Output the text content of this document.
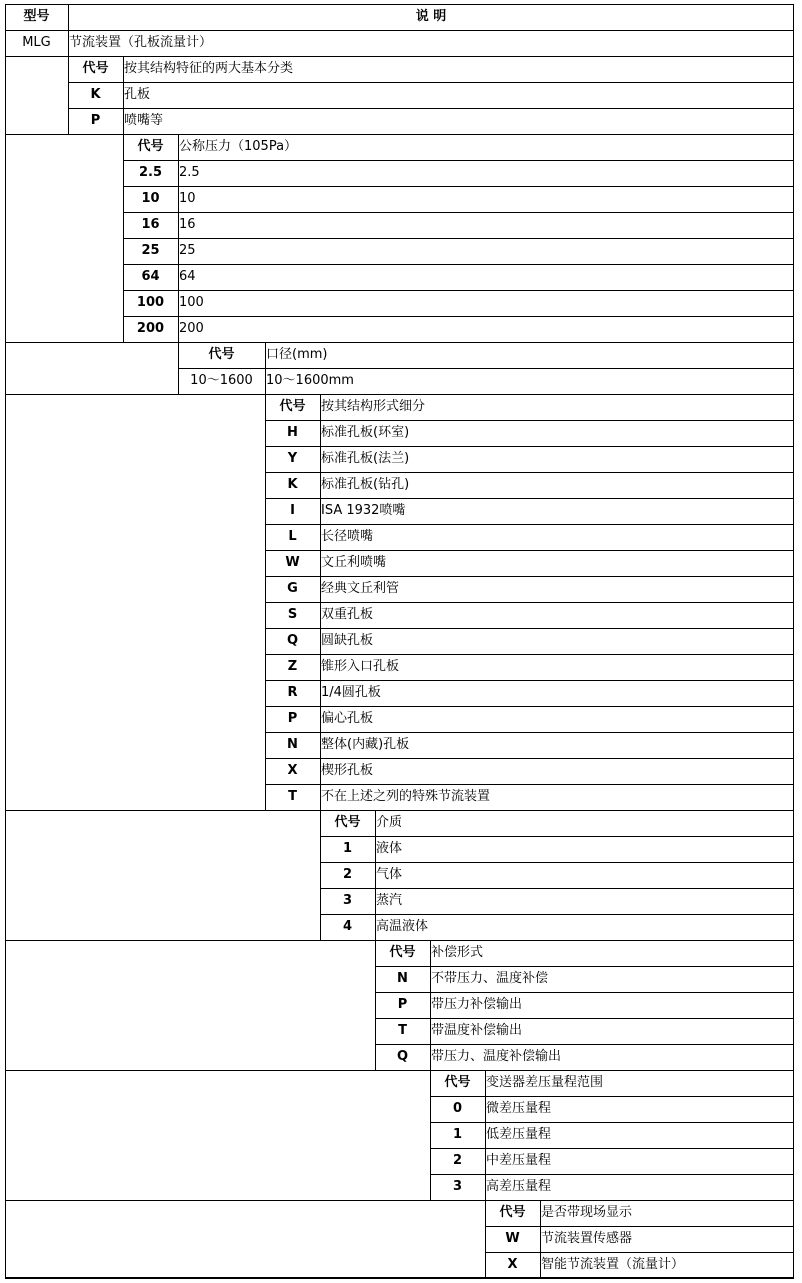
型号	说 明
MLG	节流装置（孔板流量计）
代号	按其结构特征的两大基本分类
K	孔板
P	喷嘴等
代号	公称压力（105Pa）
2.5	2.5
10	10
16	16
25	25
64	64
100	100
200	200
代号	口径(mm)
10～1600	10～1600mm
代号	按其结构形式细分
H	标准孔板(环室)
Y	标准孔板(法兰)
K	标准孔板(钻孔)
I	ISA 1932喷嘴
L	长径喷嘴
W	文丘利喷嘴
G	经典文丘利管
S	双重孔板
Q	圆缺孔板
Z	锥形入口孔板
R	1/4圆孔板
P	偏心孔板
N	整体(内藏)孔板
X	楔形孔板
T	不在上述之列的特殊节流装置
代号	介质
1	液体
2	气体
3	蒸汽
4	高温液体
代号	补偿形式
N	不带压力、温度补偿
P	带压力补偿输出
T	带温度补偿输出
Q	带压力、温度补偿输出
代号	变送器差压量程范围
0	微差压量程
1	低差压量程
2	中差压量程
3	高差压量程
代号	是否带现场显示
W	节流装置传感器
X	智能节流装置（流量计）
